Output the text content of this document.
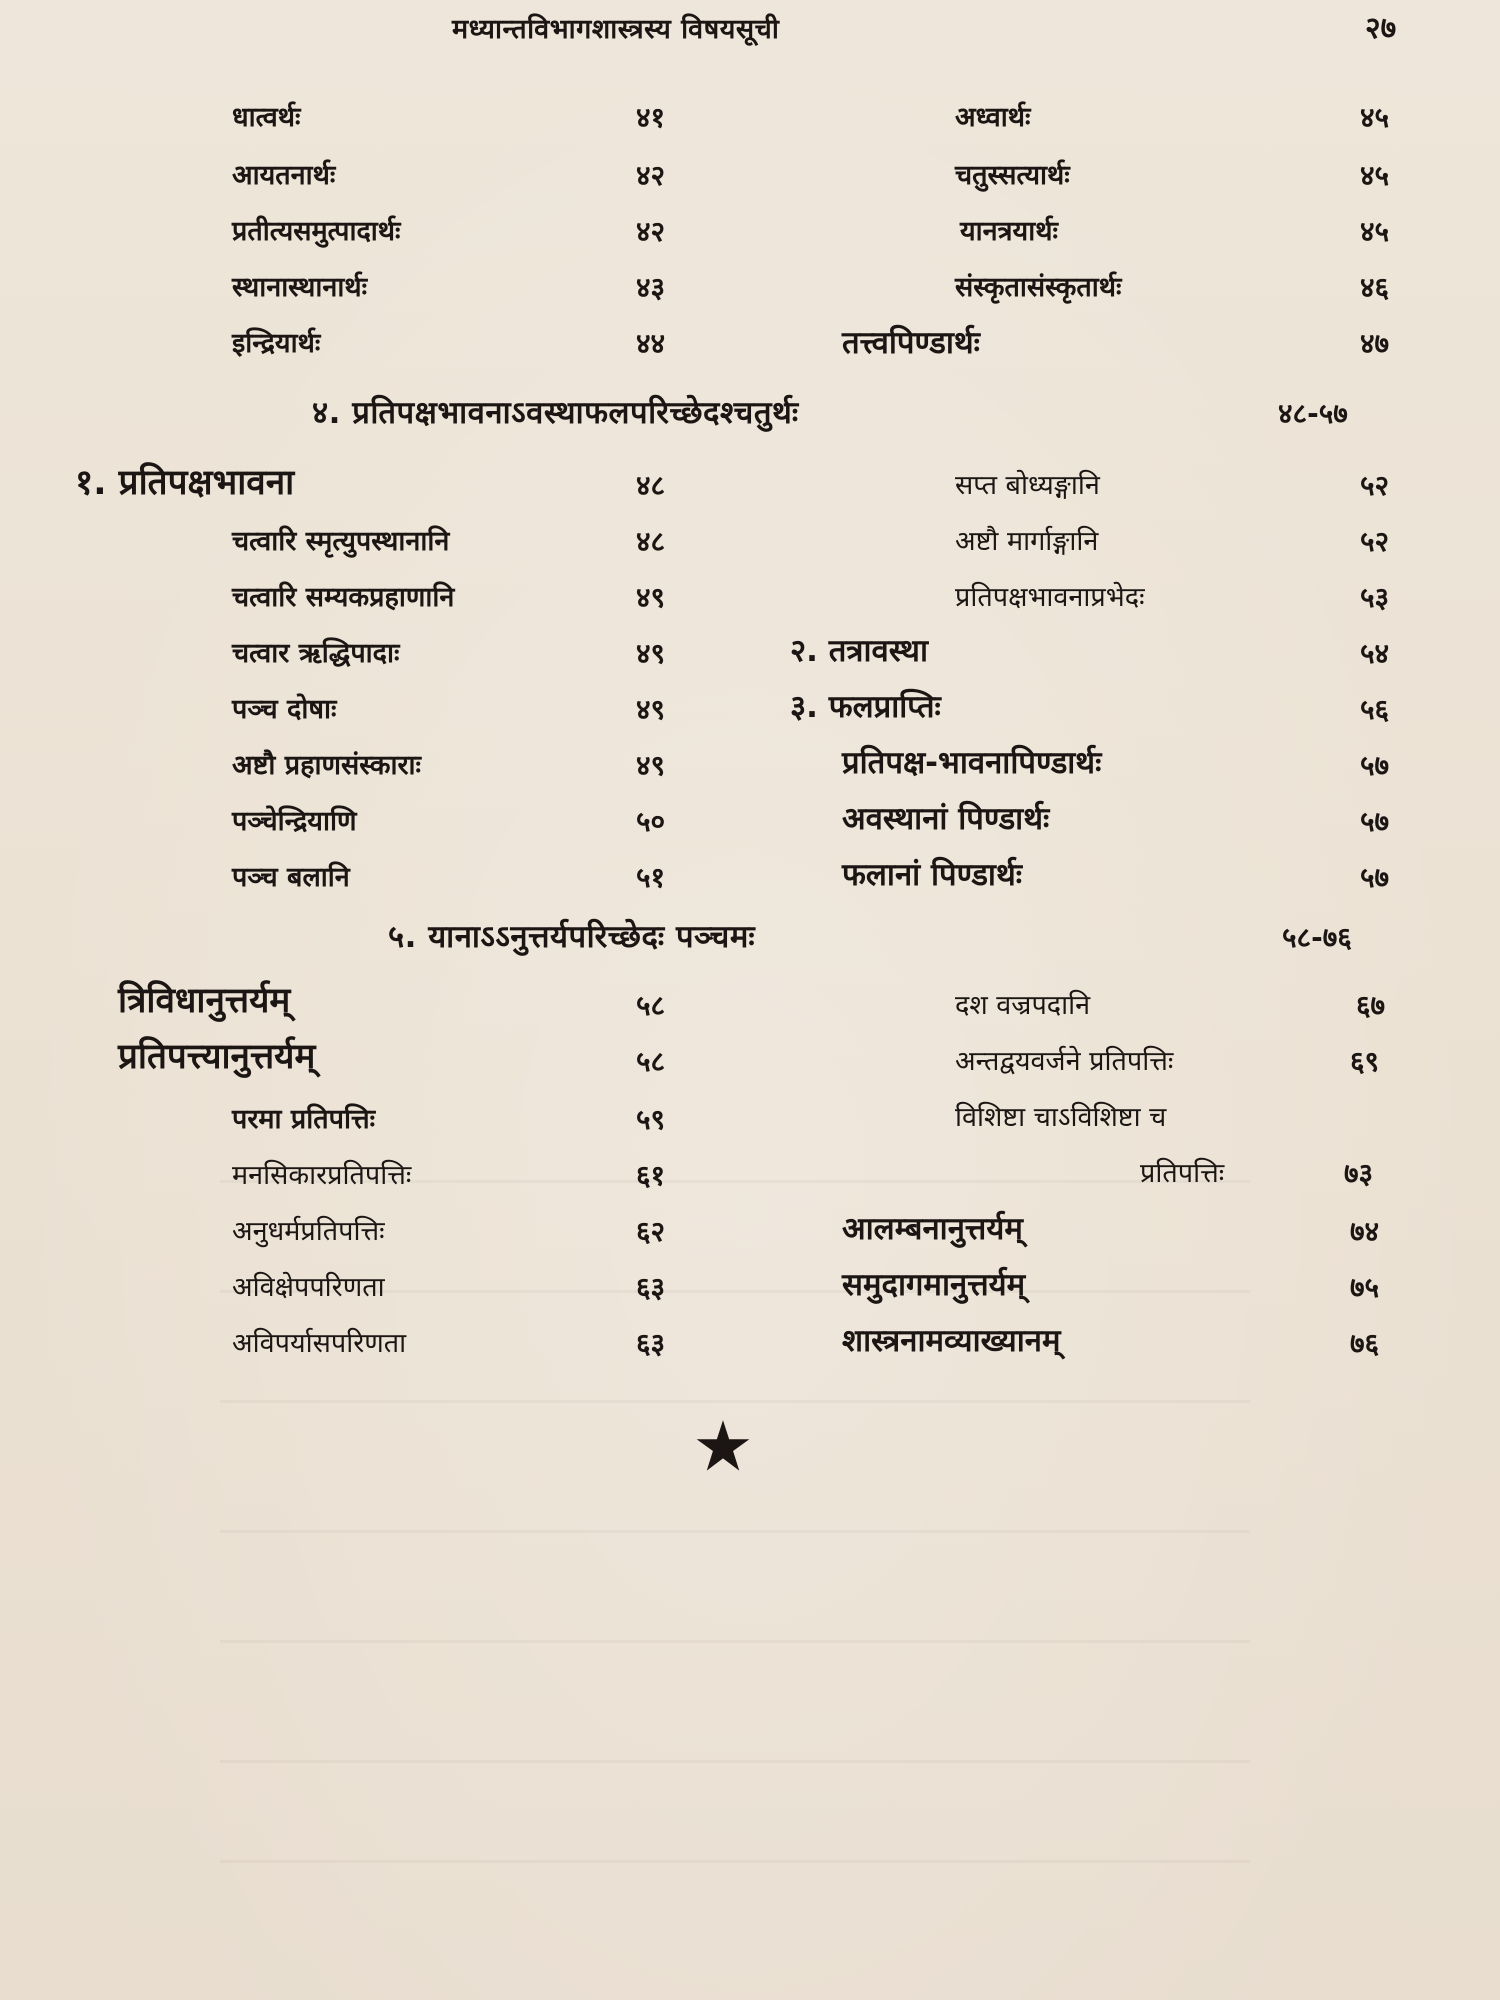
मध्यान्तविभागशास्त्रस्य विषयसूची	२७
धात्वर्थः	४१
आयतनार्थः	४२
प्रतीत्यसमुत्पादार्थः	४२
स्थानास्थानार्थः	४३
इन्द्रियार्थः	४४
अध्वार्थः	४५
चतुस्सत्यार्थः	४५
यानत्रयार्थः	४५
संस्कृतासंस्कृतार्थः	४६
तत्त्वपिण्डार्थः	४७
४. प्रतिपक्षभावनाऽवस्थाफलपरिच्छेदश्चतुर्थः	४८-५७
१. प्रतिपक्षभावना	४८
चत्वारि स्मृत्युपस्थानानि	४८
चत्वारि सम्यकप्रहाणानि	४९
चत्वार ऋद्धिपादाः	४९
पञ्च दोषाः	४९
अष्टौ प्रहाणसंस्काराः	४९
पञ्चेन्द्रियाणि	५०
पञ्च बलानि	५१
सप्त बोध्यङ्गानि	५२
अष्टौ मार्गाङ्गानि	५२
प्रतिपक्षभावनाप्रभेदः	५३
२. तत्रावस्था	५४
३. फलप्राप्तिः	५६
प्रतिपक्ष-भावनापिण्डार्थः	५७
अवस्थानां पिण्डार्थः	५७
फलानां पिण्डार्थः	५७
५. यानाऽऽनुत्तर्यपरिच्छेदः पञ्चमः	५८-७६
त्रिविधानुत्तर्यम्	५८
प्रतिपत्त्यानुत्तर्यम्	५८
परमा प्रतिपत्तिः	५९
मनसिकारप्रतिपत्तिः	६१
अनुधर्मप्रतिपत्तिः	६२
अविक्षेपपरिणता	६३
अविपर्यासपरिणता	६३
दश वज्रपदानि	६७
अन्तद्वयवर्जने प्रतिपत्तिः	६९
विशिष्टा चाऽविशिष्टा च
प्रतिपत्तिः	७३
आलम्बनानुत्तर्यम्	७४
समुदागमानुत्तर्यम्	७५
शास्त्रनामव्याख्यानम्	७६
